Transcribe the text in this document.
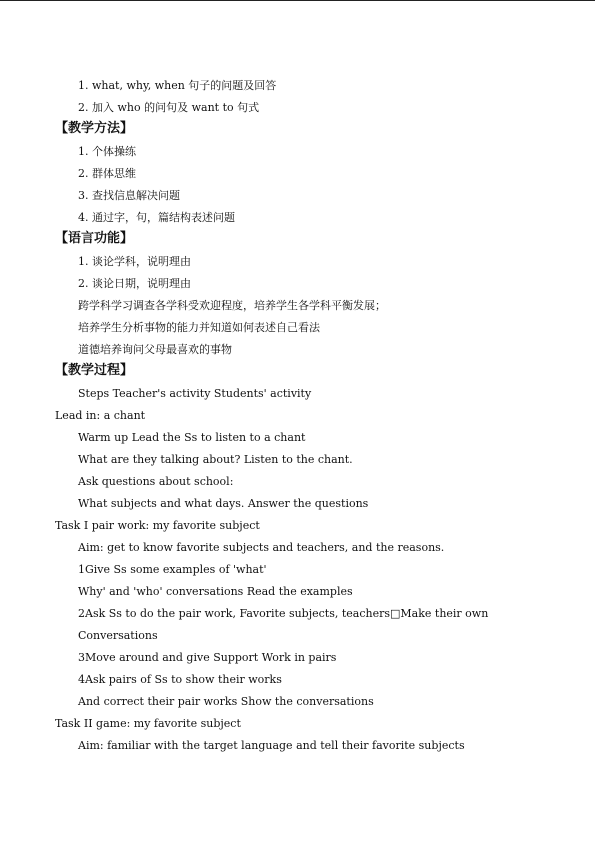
1. what, why, when 句子的问题及回答
2. 加入 who 的问句及 want to 句式
【教学方法】
1. 个体操练
2. 群体思维
3. 查找信息解决问题
4. 通过字，句，篇结构表述问题
【语言功能】
1. 谈论学科，说明理由
2. 谈论日期，说明理由
跨学科学习调查各学科受欢迎程度，培养学生各学科平衡发展；
培养学生分析事物的能力并知道如何表述自己看法
道德培养询问父母最喜欢的事物
【教学过程】
Steps Teacher's activity Students' activity
Lead in: a chant
Warm up Lead the Ss to listen to a chant
What are they talking about? Listen to the chant.
Ask questions about school:
What subjects and what days. Answer the questions
Task I pair work: my favorite subject
Aim: get to know favorite subjects and teachers, and the reasons.
1Give Ss some examples of 'what'
Why' and 'who' conversations Read the examples
2Ask Ss to do the pair work, Favorite subjects, teachers□Make their own
Conversations
3Move around and give Support Work in pairs
4Ask pairs of Ss to show their works
And correct their pair works Show the conversations
Task II game: my favorite subject
Aim: familiar with the target language and tell their favorite subjects
